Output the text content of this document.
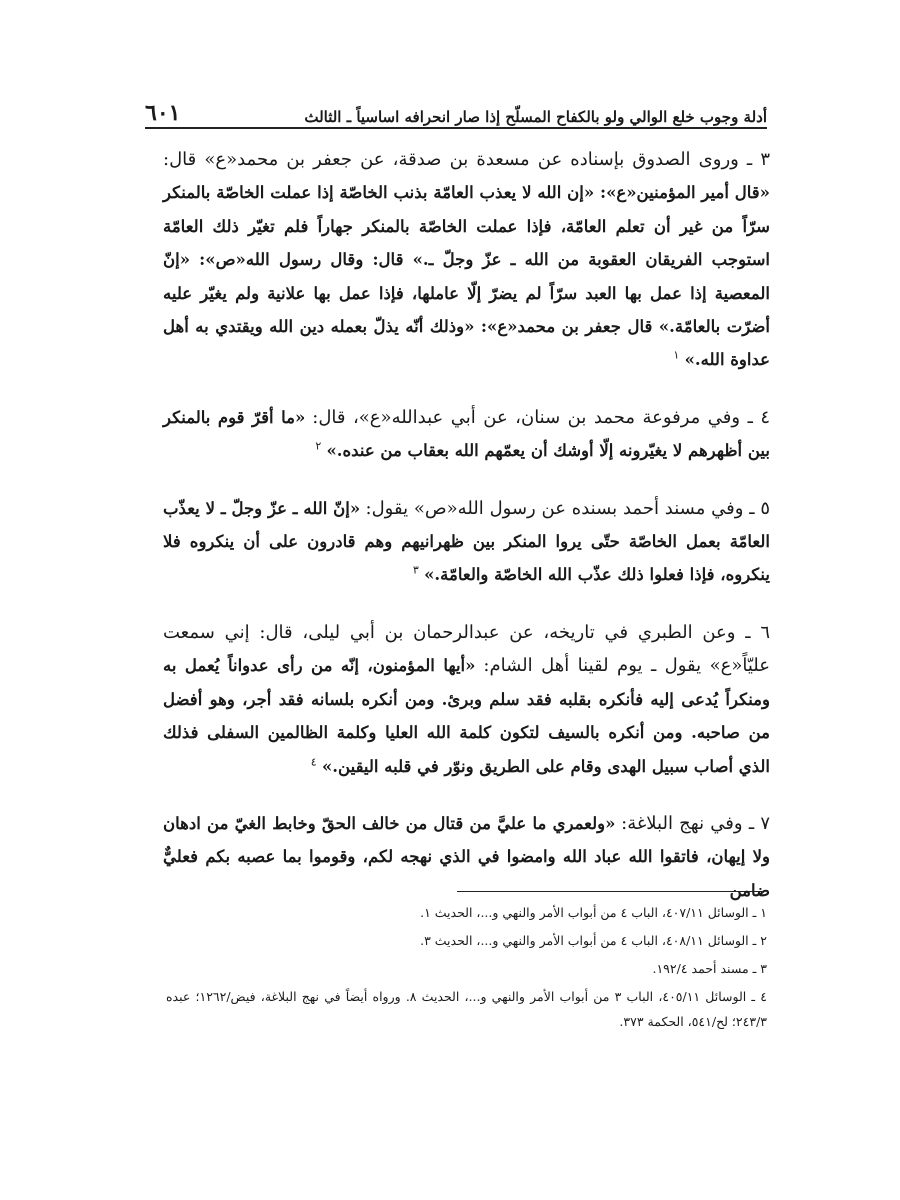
٦٠١	أدلة وجوب خلع الوالي ولو بالكفاح المسلّح إذا صار انحرافه اساسياً ـ الثالث

٣ ـ وروى الصدوق بإسناده عن مسعدة بن صدقة، عن جعفر بن محمد«ع» قال: «قال أمير المؤمنين«ع»: «إن الله لا يعذب العامّة بذنب الخاصّة إذا عملت الخاصّة بالمنكر سرّاً من غير أن تعلم العامّة، فإذا عملت الخاصّة بالمنكر جهاراً فلم تغيّر ذلك العامّة استوجب الفريقان العقوبة من الله ـ عزّ وجلّ ـ.» قال: وقال رسول الله«ص»: «إنّ المعصية إذا عمل بها العبد سرّاً لم يضرّ إلّا عاملها، فإذا عمل بها علانية ولم يغيّر عليه أضرّت بالعامّة.» قال جعفر بن محمد«ع»: «وذلك أنّه يذلّ بعمله دين الله ويقتدي به أهل عداوة الله.» $^١$

٤ ـ وفي مرفوعة محمد بن سنان، عن أبي عبدالله«ع»، قال: «ما أقرّ قوم بالمنكر بين أظهرهم لا يغيّرونه إلّا أوشك أن يعمّهم الله بعقاب من عنده.» $^٢$

٥ ـ وفي مسند أحمد بسنده عن رسول الله«ص» يقول: «إنّ الله ـ عزّ وجلّ ـ لا يعذّب العامّة بعمل الخاصّة حتّى يروا المنكر بين ظهرانيهم وهم قادرون على أن ينكروه فلا ينكروه، فإذا فعلوا ذلك عذّب الله الخاصّة والعامّة.» $^٣$

٦ ـ وعن الطبري في تاريخه، عن عبدالرحمان بن أبي ليلى، قال: إني سمعت عليّاً«ع» يقول ـ يوم لقينا أهل الشام: «أيها المؤمنون، إنّه من رأى عدواناً يُعمل به ومنكراً يُدعى إليه فأنكره بقلبه فقد سلم وبرئ. ومن أنكره بلسانه فقد أجر، وهو أفضل من صاحبه. ومن أنكره بالسيف لتكون كلمة الله العليا وكلمة الظالمين السفلى فذلك الذي أصاب سبيل الهدى وقام على الطريق ونوّر في قلبه اليقين.» $^٤$

٧ ـ وفي نهج البلاغة: «ولعمري ما عليَّ من قتال من خالف الحقّ وخابط الغيّ من ادهان ولا إيهان، فاتقوا الله عباد الله وامضوا في الذي نهجه لكم، وقوموا بما عصبه بكم فعليٌّ ضامن

١ ـ الوسائل ٤٠٧/١١، الباب ٤ من أبواب الأمر والنهي و...، الحديث ١.

٢ ـ الوسائل ٤٠٨/١١، الباب ٤ من أبواب الأمر والنهي و...، الحديث ٣.

٣ ـ مسند أحمد ١٩٢/٤.

٤ ـ الوسائل ٤٠٥/١١، الباب ٣ من أبواب الأمر والنهي و...، الحديث ٨. ورواه أيضاً في نهج البلاغة، فيض/١٢٦٢؛ عبده ٢٤٣/٣؛ لح/٥٤١، الحكمة ٣٧٣.
